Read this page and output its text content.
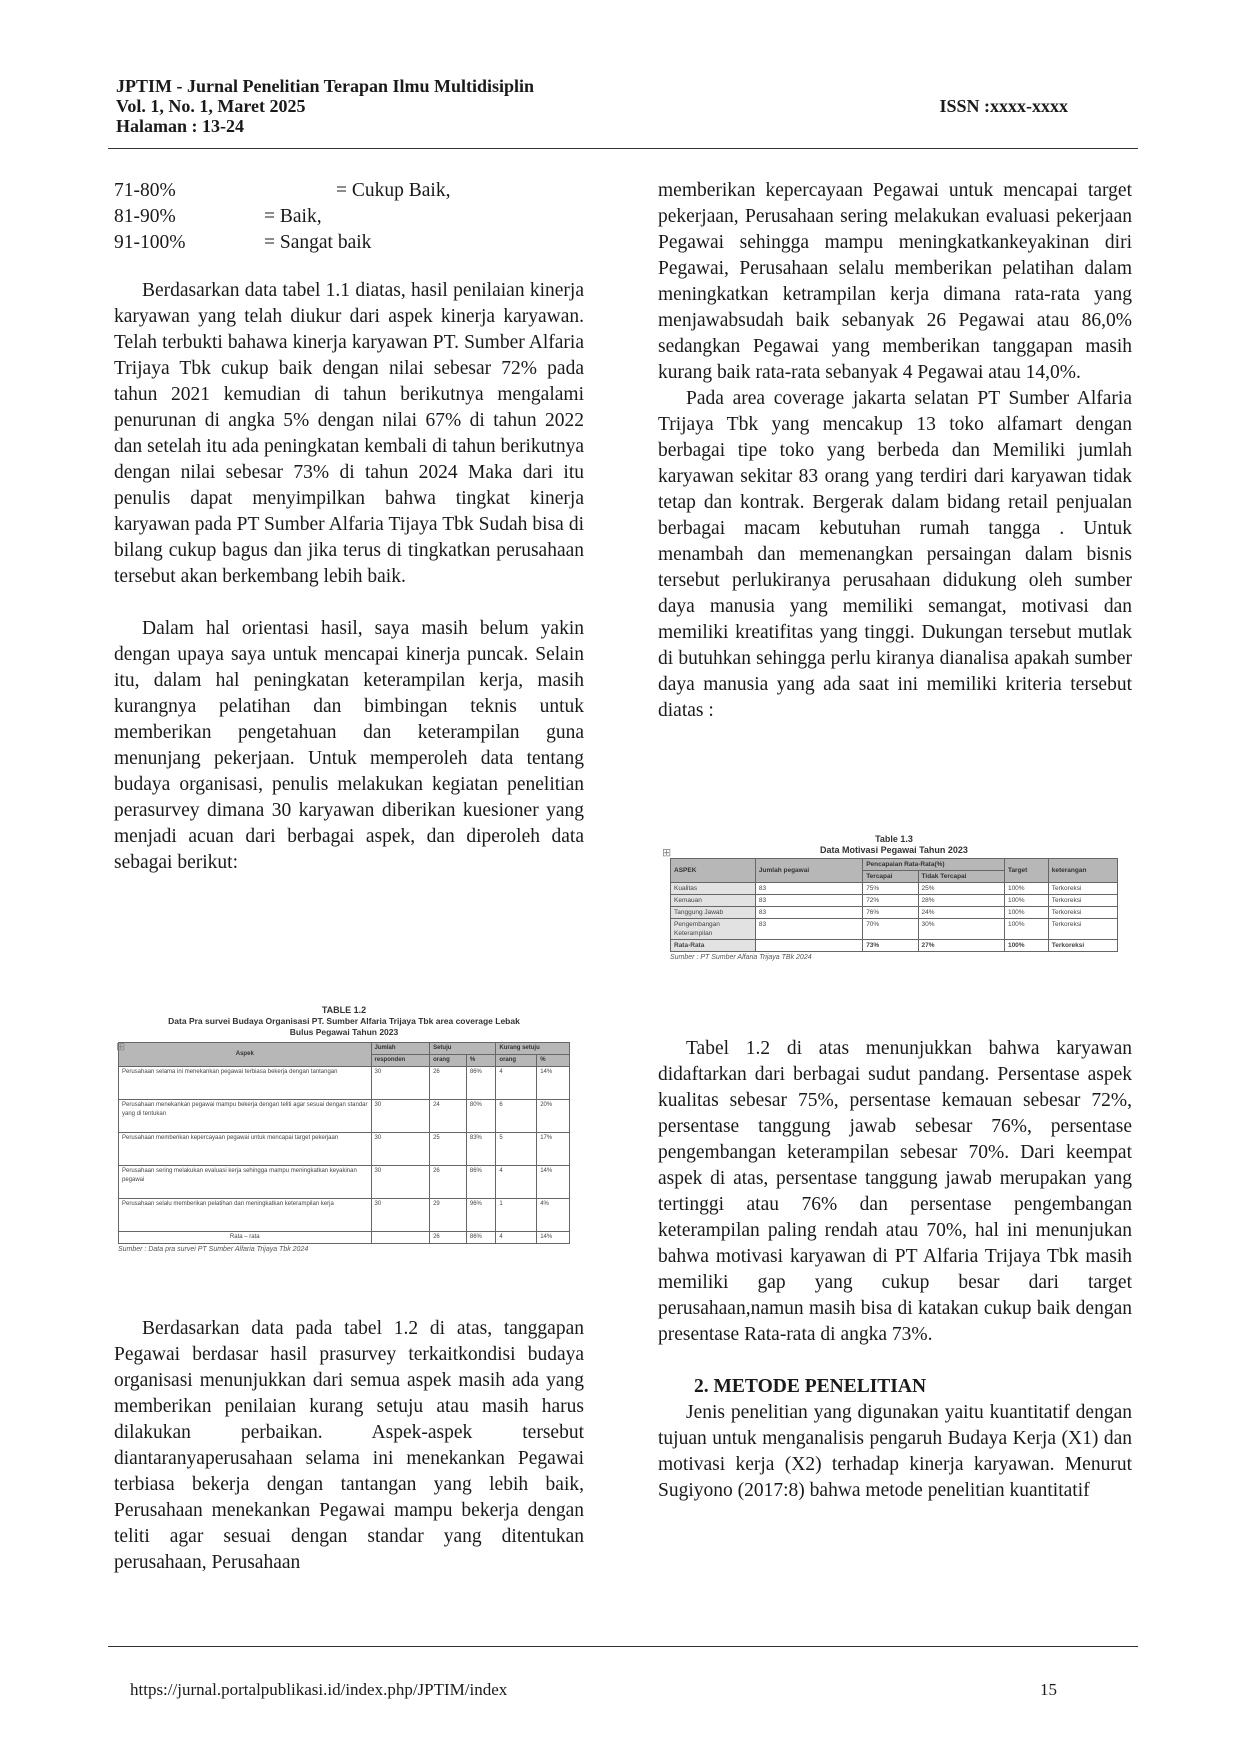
JPTIM - Jurnal Penelitian Terapan Ilmu Multidisiplin
Vol. 1, No. 1, Maret 2025
Halaman : 13-24
ISSN :xxxx-xxxx
71-80%	= Cukup Baik,
81-90%	= Baik,
91-100%	= Sangat baik

Berdasarkan data tabel 1.1 diatas, hasil penilaian kinerja karyawan yang telah diukur dari aspek kinerja karyawan. Telah terbukti bahawa kinerja karyawan PT. Sumber Alfaria Trijaya Tbk cukup baik dengan nilai sebesar 72% pada tahun 2021 kemudian di tahun berikutnya mengalami penurunan di angka 5% dengan nilai 67% di tahun 2022 dan setelah itu ada peningkatan kembali di tahun berikutnya dengan nilai sebesar 73% di tahun 2024 Maka dari itu penulis dapat menyimpilkan bahwa tingkat kinerja karyawan pada PT Sumber Alfaria Tijaya Tbk Sudah bisa di bilang cukup bagus dan jika terus di tingkatkan perusahaan tersebut akan berkembang lebih baik.

Dalam hal orientasi hasil, saya masih belum yakin dengan upaya saya untuk mencapai kinerja puncak. Selain itu, dalam hal peningkatan keterampilan kerja, masih kurangnya pelatihan dan bimbingan teknis untuk memberikan pengetahuan dan keterampilan guna menunjang pekerjaan. Untuk memperoleh data tentang budaya organisasi, penulis melakukan kegiatan penelitian perasurvey dimana 30 karyawan diberikan kuesioner yang menjadi acuan dari berbagai aspek, dan diperoleh data sebagai berikut:

TABLE 1.2
Data Pra survei Budaya Organisasi PT. Sumber Alfaria Trijaya Tbk area coverage Lebak Bulus Pegawai Tahun 2023
Aspek	Jumlah	Setuju		Kurang setuju	
	responden	orang	%	orang	%
Perusahaan selama ini menekankan pegawai terbiasa bekerja dengan tantangan	30	26	86%	4	14%
Perusahaan menekankan pegawai mampu bekerja dengan teliti agar sesuai dengan standar yang di tentukan	30	24	80%	6	20%
Perusahaan memberikan kepercayaan pegawai untuk mencapai target pekerjaan	30	25	83%	5	17%
Perusahaan sering melakukan evaluasi kerja sehingga mampu meningkatkan keyakinan pegawai	30	26	86%	4	14%
Perusahaan selalu memberikan pelatihan dan meningkatkan keterampilan kerja	30	29	96%	1	4%
Rata – rata		26	86%	4	14%
Sumber : Data pra survei PT Sumber Alfaria Trijaya Tbk 2024
⊞

Berdasarkan data pada tabel 1.2 di atas, tanggapan Pegawai berdasar hasil prasurvey terkaitkondisi budaya organisasi menunjukkan dari semua aspek masih ada yang memberikan penilaian kurang setuju atau masih harus dilakukan perbaikan. Aspek-aspek tersebut diantaranyaperusahaan selama ini menekankan Pegawai terbiasa bekerja dengan tantangan yang lebih baik, Perusahaan menekankan Pegawai mampu bekerja dengan teliti agar sesuai dengan standar yang ditentukan perusahaan, Perusahaan

memberikan kepercayaan Pegawai untuk mencapai target pekerjaan, Perusahaan sering melakukan evaluasi pekerjaan Pegawai sehingga mampu meningkatkankeyakinan diri Pegawai, Perusahaan selalu memberikan pelatihan dalam meningkatkan ketrampilan kerja dimana rata-rata yang menjawabsudah baik sebanyak 26 Pegawai atau 86,0% sedangkan Pegawai yang memberikan tanggapan masih kurang baik rata-rata sebanyak 4 Pegawai atau 14,0%.

Pada area coverage jakarta selatan PT Sumber Alfaria Trijaya Tbk yang mencakup 13 toko alfamart dengan berbagai tipe toko yang berbeda dan Memiliki jumlah karyawan sekitar 83 orang yang terdiri dari karyawan tidak tetap dan kontrak. Bergerak dalam bidang retail penjualan berbagai macam kebutuhan rumah tangga . Untuk menambah dan memenangkan persaingan dalam bisnis tersebut perlukiranya perusahaan didukung oleh sumber daya manusia yang memiliki semangat, motivasi dan memiliki kreatifitas yang tinggi. Dukungan tersebut mutlak di butuhkan sehingga perlu kiranya dianalisa apakah sumber daya manusia yang ada saat ini memiliki kriteria tersebut diatas :

Table 1.3
Data Motivasi Pegawai Tahun 2023
ASPEK	Jumlah pegawai	Pencapaian Rata-Rata(%)		Target	keterangan
		Tercapai	Tidak Tercapai		
Kualitas	83	75%	25%	100%	Terkoreksi
Kemauan	83	72%	28%	100%	Terkoreksi
Tanggung Jawab	83	76%	24%	100%	Terkoreksi
Pengembangan Keterampilan	83	70%	30%	100%	Terkoreksi
Rata-Rata		73%	27%	100%	Terkoreksi
Sumber : PT Sumber Alfaria Trijaya TBk 2024
⊞

Tabel 1.2 di atas menunjukkan bahwa karyawan didaftarkan dari berbagai sudut pandang. Persentase aspek kualitas sebesar 75%, persentase kemauan sebesar 72%, persentase tanggung jawab sebesar 76%, persentase pengembangan keterampilan sebesar 70%. Dari keempat aspek di atas, persentase tanggung jawab merupakan yang tertinggi atau 76% dan persentase pengembangan keterampilan paling rendah atau 70%, hal ini menunjukan bahwa motivasi karyawan di PT Alfaria Trijaya Tbk masih memiliki gap yang cukup besar dari target perusahaan,namun masih bisa di katakan cukup baik dengan presentase Rata-rata di angka 73%.

2. METODE PENELITIAN

Jenis penelitian yang digunakan yaitu kuantitatif dengan tujuan untuk menganalisis pengaruh Budaya Kerja (X1) dan motivasi kerja (X2) terhadap kinerja karyawan. Menurut Sugiyono (2017:8) bahwa metode penelitian kuantitatif

https://jurnal.portalpublikasi.id/index.php/JPTIM/index	15
